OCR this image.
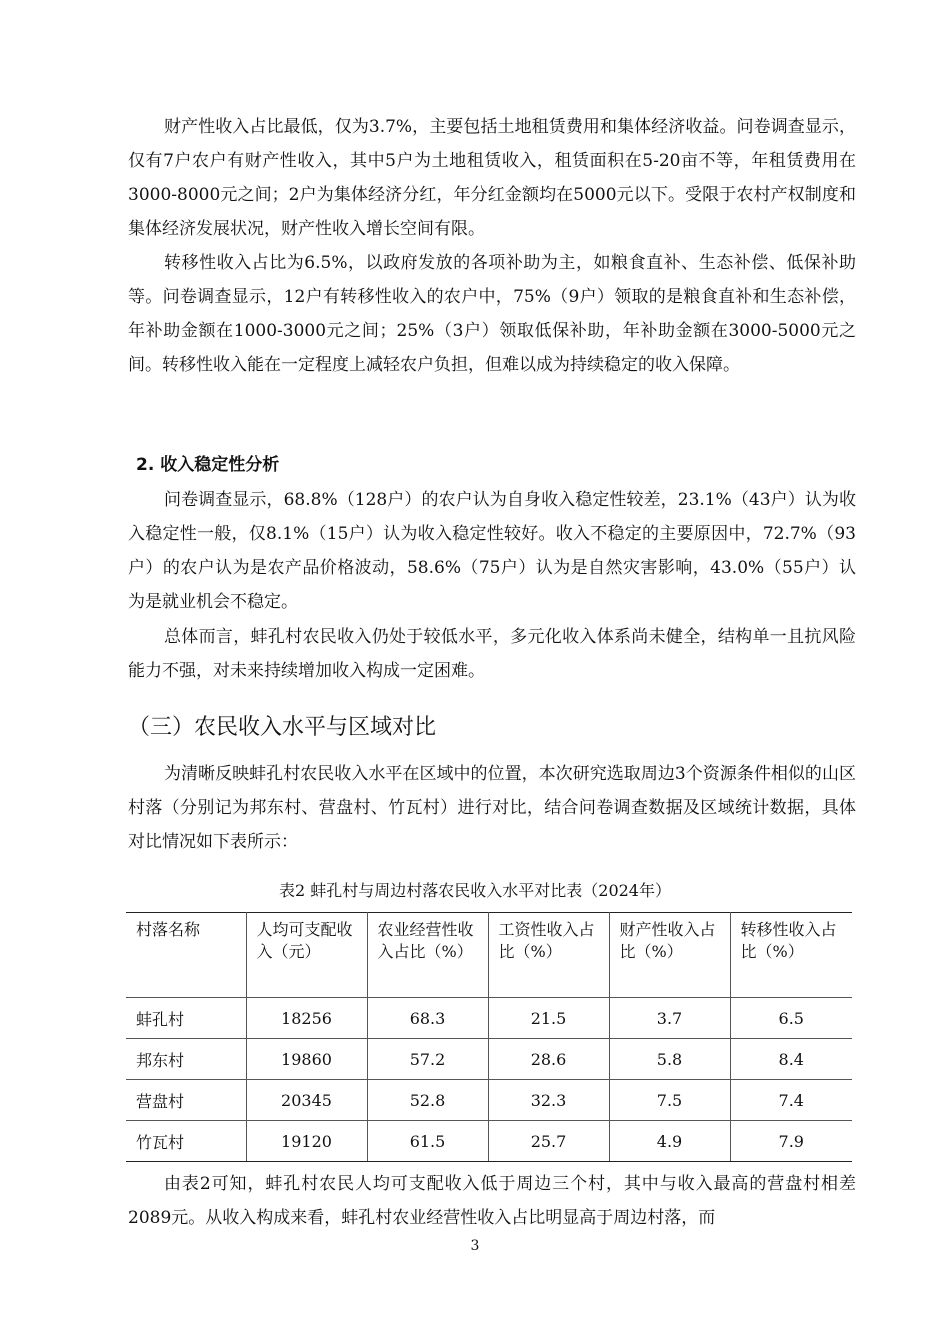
财产性收入占比最低，仅为3.7%，主要包括土地租赁费用和集体经济收益。问卷调查显示，仅有7户农户有财产性收入，其中5户为土地租赁收入，租赁面积在5-20亩不等，年租赁费用在3000-8000元之间；2户为集体经济分红，年分红金额均在5000元以下。受限于农村产权制度和集体经济发展状况，财产性收入增长空间有限。

转移性收入占比为6.5%，以政府发放的各项补助为主，如粮食直补、生态补偿、低保补助等。问卷调查显示，12户有转移性收入的农户中，75%（9户）领取的是粮食直补和生态补偿，年补助金额在1000-3000元之间；25%（3户）领取低保补助，年补助金额在3000-5000元之间。转移性收入能在一定程度上减轻农户负担，但难以成为持续稳定的收入保障。

2. 收入稳定性分析

问卷调查显示，68.8%（128户）的农户认为自身收入稳定性较差，23.1%（43户）认为收入稳定性一般，仅8.1%（15户）认为收入稳定性较好。收入不稳定的主要原因中，72.7%（93户）的农户认为是农产品价格波动，58.6%（75户）认为是自然灾害影响，43.0%（55户）认为是就业机会不稳定。

总体而言，蚌孔村农民收入仍处于较低水平，多元化收入体系尚未健全，结构单一且抗风险能力不强，对未来持续增加收入构成一定困难。

（三）农民收入水平与区域对比

为清晰反映蚌孔村农民收入水平在区域中的位置，本次研究选取周边3个资源条件相似的山区村落（分别记为邦东村、营盘村、竹瓦村）进行对比，结合问卷调查数据及区域统计数据，具体对比情况如下表所示：

表2 蚌孔村与周边村落农民收入水平对比表（2024年）

村落名称	人均可支配收入（元）	农业经营性收入占比（%）	工资性收入占比（%）	财产性收入占比（%）	转移性收入占比（%）
蚌孔村	18256	68.3	21.5	3.7	6.5
邦东村	19860	57.2	28.6	5.8	8.4
营盘村	20345	52.8	32.3	7.5	7.4
竹瓦村	19120	61.5	25.7	4.9	7.9

由表2可知，蚌孔村农民人均可支配收入低于周边三个村，其中与收入最高的营盘村相差2089元。从收入构成来看，蚌孔村农业经营性收入占比明显高于周边村落，而

3
